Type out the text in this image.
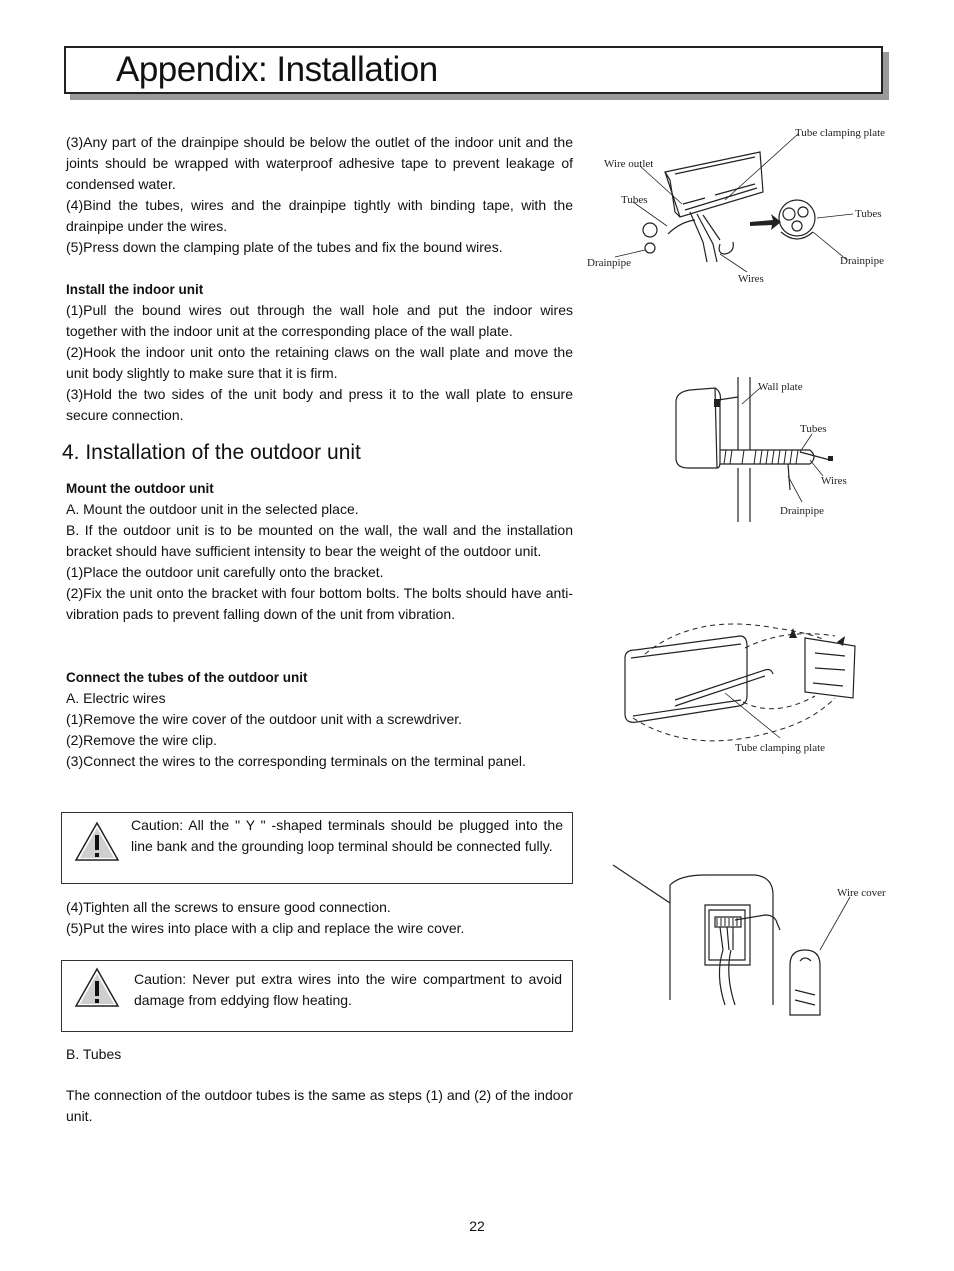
Appendix: Installation

(3)Any part of the drainpipe should be below the outlet of the indoor unit and the joints should be wrapped with waterproof adhesive tape to prevent leakage of condensed water.

(4)Bind the tubes, wires and the drainpipe tightly with binding tape, with the drainpipe under the wires.

(5)Press down the clamping plate of the tubes and fix the bound wires.

Install the indoor unit

(1)Pull the bound wires out through the wall hole and put the indoor wires together with the indoor unit at the corresponding place of the wall plate.

(2)Hook the indoor unit onto the retaining claws on the wall plate and move the unit body slightly to make sure that it is firm.

(3)Hold the two sides of the unit body and press it to the wall plate to ensure secure connection.

4. Installation of the outdoor unit

Mount the outdoor unit

A. Mount the outdoor unit in the selected place.

B. If the outdoor unit is to be mounted on the wall, the wall and the installation bracket should have sufficient intensity to bear the weight of the outdoor unit.

(1)Place the outdoor unit carefully onto the bracket.

(2)Fix the unit onto the bracket with four bottom bolts. The bolts should have anti-vibration pads to prevent falling down of the unit from vibration.

Connect the tubes of the outdoor unit

A. Electric wires

(1)Remove the wire cover of the outdoor unit with a screwdriver.

(2)Remove the wire clip.

(3)Connect the wires to the corresponding terminals on the terminal panel.

Caution: All the " Y " -shaped terminals should be plugged into the line bank and the grounding loop terminal should be connected fully.

(4)Tighten all the screws to ensure good connection.

(5)Put the wires into place with a clip and replace the wire cover.

Caution: Never put extra wires into the wire compartment to avoid damage from eddying flow heating.

B. Tubes

The connection of the outdoor tubes is the same as steps (1) and (2) of the indoor unit.

Tube clamping plate
Wire outlet
Tubes
Tubes
Drainpipe	Drainpipe
Wires
Wall plate
Tubes
Wires
Drainpipe
Tube clamping plate
Wire cover
22
